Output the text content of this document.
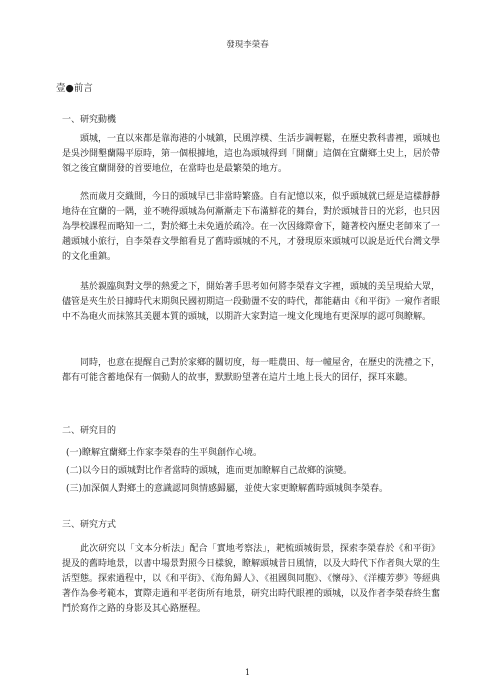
發現李榮春
壹●前言
一、研究動機

頭城，一直以來都是靠海港的小城鎮，民風淳樸、生活步調輕鬆，在歷史教科書裡，頭城也是吳沙開墾蘭陽平原時，第一個根據地，這也為頭城得到「開蘭」這個在宜蘭鄉土史上，居於帶領之後宜蘭開發的首要地位，在當時也是最繁榮的地方。

然而歲月交織間，今日的頭城早已非當時繁盛。自有記憶以來，似乎頭城就已經是這樣靜靜地待在宜蘭的一隅，並不曉得頭城為何漸漸走下布滿鮮花的舞台，對於頭城昔日的光彩，也只因為學校課程而略知一二，對於鄉土未免過於疏冷。在一次因緣際會下，隨著校內歷史老師來了一趟頭城小旅行，自李榮春文學館看見了舊時頭城的不凡，才發現原來頭城可以說是近代台灣文學的文化重鎮。

基於親臨與對文學的熱愛之下，開始著手思考如何將李榮春文字裡，頭城的美呈現給大眾，儘管是夾生於日據時代末期與民國初期這一段動盪不安的時代，都能藉由《和平街》一窺作者眼中不為砲火而抹煞其美麗本質的頭城，以期許大家對這一塊文化瑰地有更深厚的認可與瞭解。

同時，也意在提醒自己對於家鄉的關切度，每一畦農田、每一幢屋舍，在歷史的洗禮之下，都有可能含蓄地保有一個動人的故事，默默盼望著在這片土地上長大的囝仔，探耳來聽。

二、研究目的
(一)瞭解宜蘭鄉土作家李榮春的生平與創作心境。
(二)以今日的頭城對比作者當時的頭城，進而更加瞭解自己故鄉的演變。
(三)加深個人對鄉土的意識認同與情感歸屬，並使大家更瞭解舊時頭城與李榮春。
三、研究方式

此次研究以「文本分析法」配合「實地考察法」，耙梳頭城街景，探索李榮春於《和平街》提及的舊時地景，以書中場景對照今日樣貌，瞭解頭城昔日風情，以及大時代下作者與大眾的生活型態。探索過程中，以《和平街》、《海角歸人》、《祖國與同胞》、《懷母》、《洋樓芳夢》等經典著作為參考範本，實際走過和平老街所有地景，研究出時代眼裡的頭城，以及作者李榮春終生奮鬥於寫作之路的身影及其心路歷程。

1
